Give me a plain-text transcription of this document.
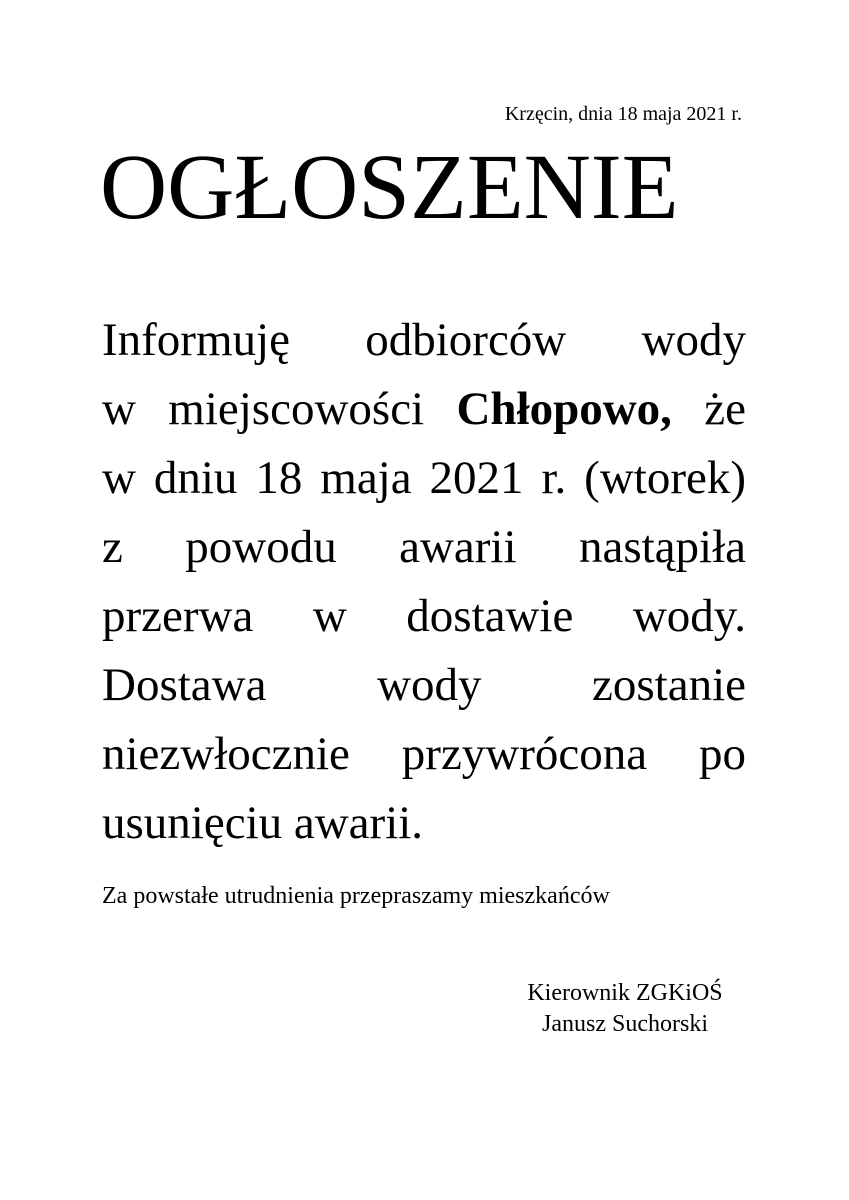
Krzęcin, dnia 18 maja 2021 r.
OGŁOSZENIE
Informuję odbiorców wody
w miejscowości Chłopowo, że
w dniu 18 maja 2021 r. (wtorek)
z powodu awarii nastąpiła
przerwa w dostawie wody.
Dostawa wody zostanie
niezwłocznie przywrócona po
usunięciu awarii.
Za powstałe utrudnienia przepraszamy mieszkańców
Kierownik ZGKiOŚ
Janusz Suchorski
